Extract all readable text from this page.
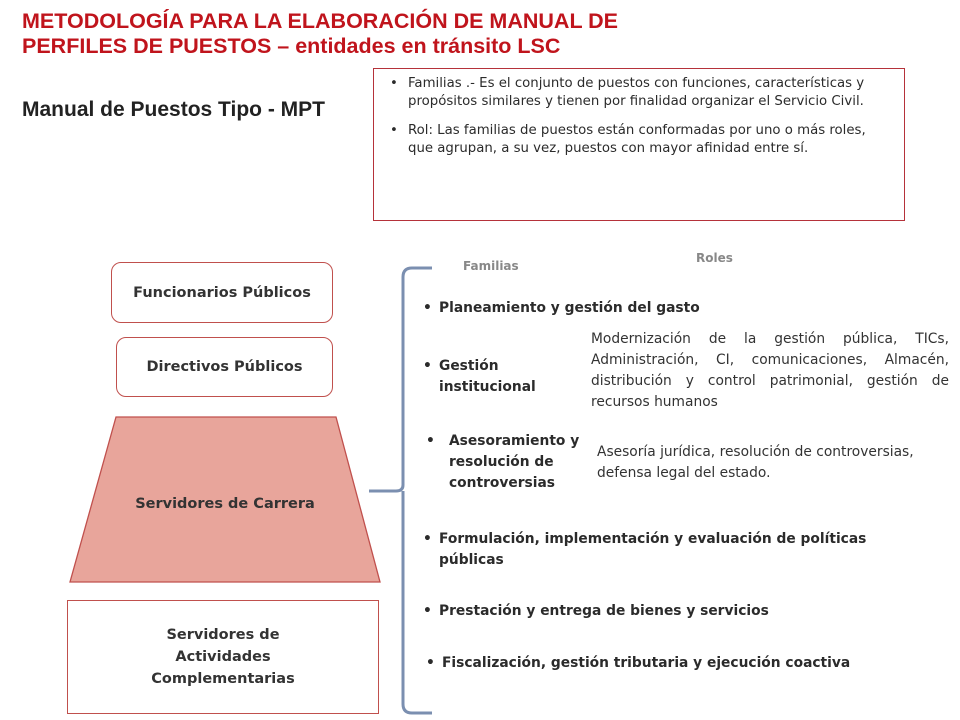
METODOLOGÍA PARA LA ELABORACIÓN DE MANUAL DE
PERFILES DE PUESTOS – entidades en tránsito LSC
Manual de Puestos Tipo - MPT
• Familias .- Es el conjunto de puestos con funciones, características y propósitos similares y tienen por finalidad organizar el Servicio Civil.
• Rol: Las familias de puestos están conformadas por uno o más roles, que agrupan, a su vez, puestos con mayor afinidad entre sí.
Familias
Roles
Funcionarios Públicos
Directivos Públicos
Servidores de Carrera
Servidores de Actividades Complementarias
• Planeamiento y gestión del gasto
• Gestión institucional
• Asesoramiento y resolución de controversias
• Formulación, implementación y evaluación de políticas públicas
• Prestación y entrega de bienes y servicios
• Fiscalización, gestión tributaria y ejecución coactiva
Modernización de la gestión pública, TICs, Administración, CI, comunicaciones, Almacén, distribución y control patrimonial, gestión de recursos humanos
Asesoría jurídica, resolución de controversias, defensa legal del estado.
